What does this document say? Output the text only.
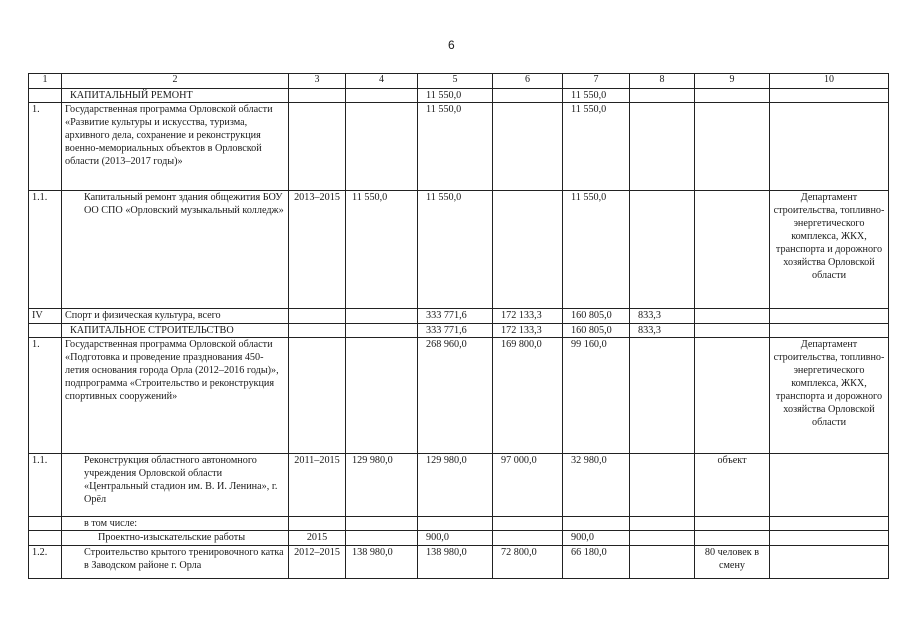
6
1	2	3	4	5	6	7	8	9	10
	КАПИТАЛЬНЫЙ РЕМОНТ			11 550,0		11 550,0			
1.	Государственная программа Орловской области «Развитие культуры и искусства, туризма, архивного дела, сохранение и реконструкция военно-мемориальных объектов в Орловской области (2013–2017 годы)»			11 550,0		11 550,0			
1.1.	Капитальный ремонт здания общежития БОУ ОО СПО «Орловский музыкальный колледж»	2013–2015	11 550,0	11 550,0		11 550,0			Департамент строительства, топливно-энергетического комплекса, ЖКХ, транспорта и дорожного хозяйства Орловской области
IV	Спорт и физическая культура, всего			333 771,6	172 133,3	160 805,0	833,3		
	КАПИТАЛЬНОЕ СТРОИТЕЛЬСТВО			333 771,6	172 133,3	160 805,0	833,3		
1.	Государственная программа Орловской области «Подготовка и проведение празднования 450-летия основания города Орла (2012–2016 годы)», подпрограмма «Строительство и реконструкция спортивных сооружений»			268 960,0	169 800,0	99 160,0			Департамент строительства, топливно-энергетического комплекса, ЖКХ, транспорта и дорожного хозяйства Орловской области
1.1.	Реконструкция областного автономного учреждения Орловской области «Центральный стадион им. В. И. Ленина», г. Орёл	2011–2015	129 980,0	129 980,0	97 000,0	32 980,0		объект	
	в том числе:								
	Проектно-изыскательские работы	2015		900,0		900,0			
1.2.	Строительство крытого тренировочного катка в Заводском районе г. Орла	2012–2015	138 980,0	138 980,0	72 800,0	66 180,0		80 человек в смену	
